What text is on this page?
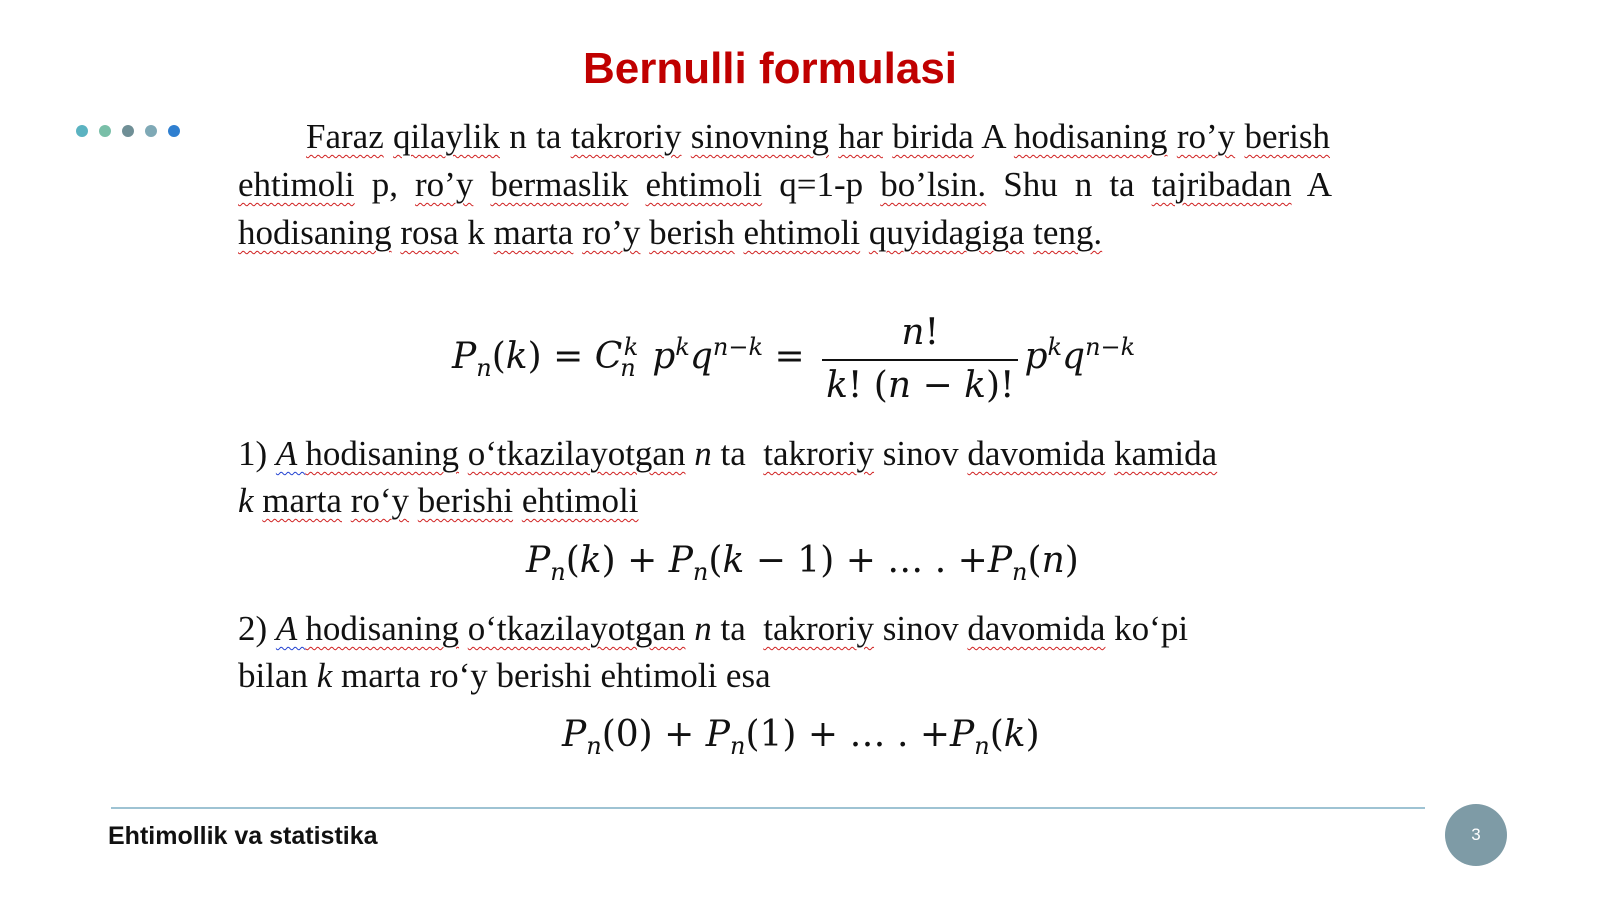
Bernulli formulasi

Faraz qilaylik n ta takroriy sinovning har birida A hodisaning ro’y berish ehtimoli p, ro’y bermaslik ehtimoli q=1-p bo’lsin. Shu n ta tajribadan A hodisaning rosa k marta ro’y berish ehtimoli quyidagiga teng.

$P_n(k) = C_n^k$ $p^kq^{n-k} = \frac{n!}{k! (n - k)!} p^kq^{n-k}$
1) A hodisaning o‘tkazilayotgan n ta  takroriy sinov davomida kamida
k marta ro‘y berishi ehtimoli
$P_n(k) + P_n(k - 1)$ + … . $+P_n(n)$
2) A hodisaning o‘tkazilayotgan n ta  takroriy sinov davomida ko‘pi
bilan k marta ro‘y berishi ehtimoli esa
$P_n(0) + P_n(1)$ + … . $+P_n(k)$
Ehtimollik va statistika	3
